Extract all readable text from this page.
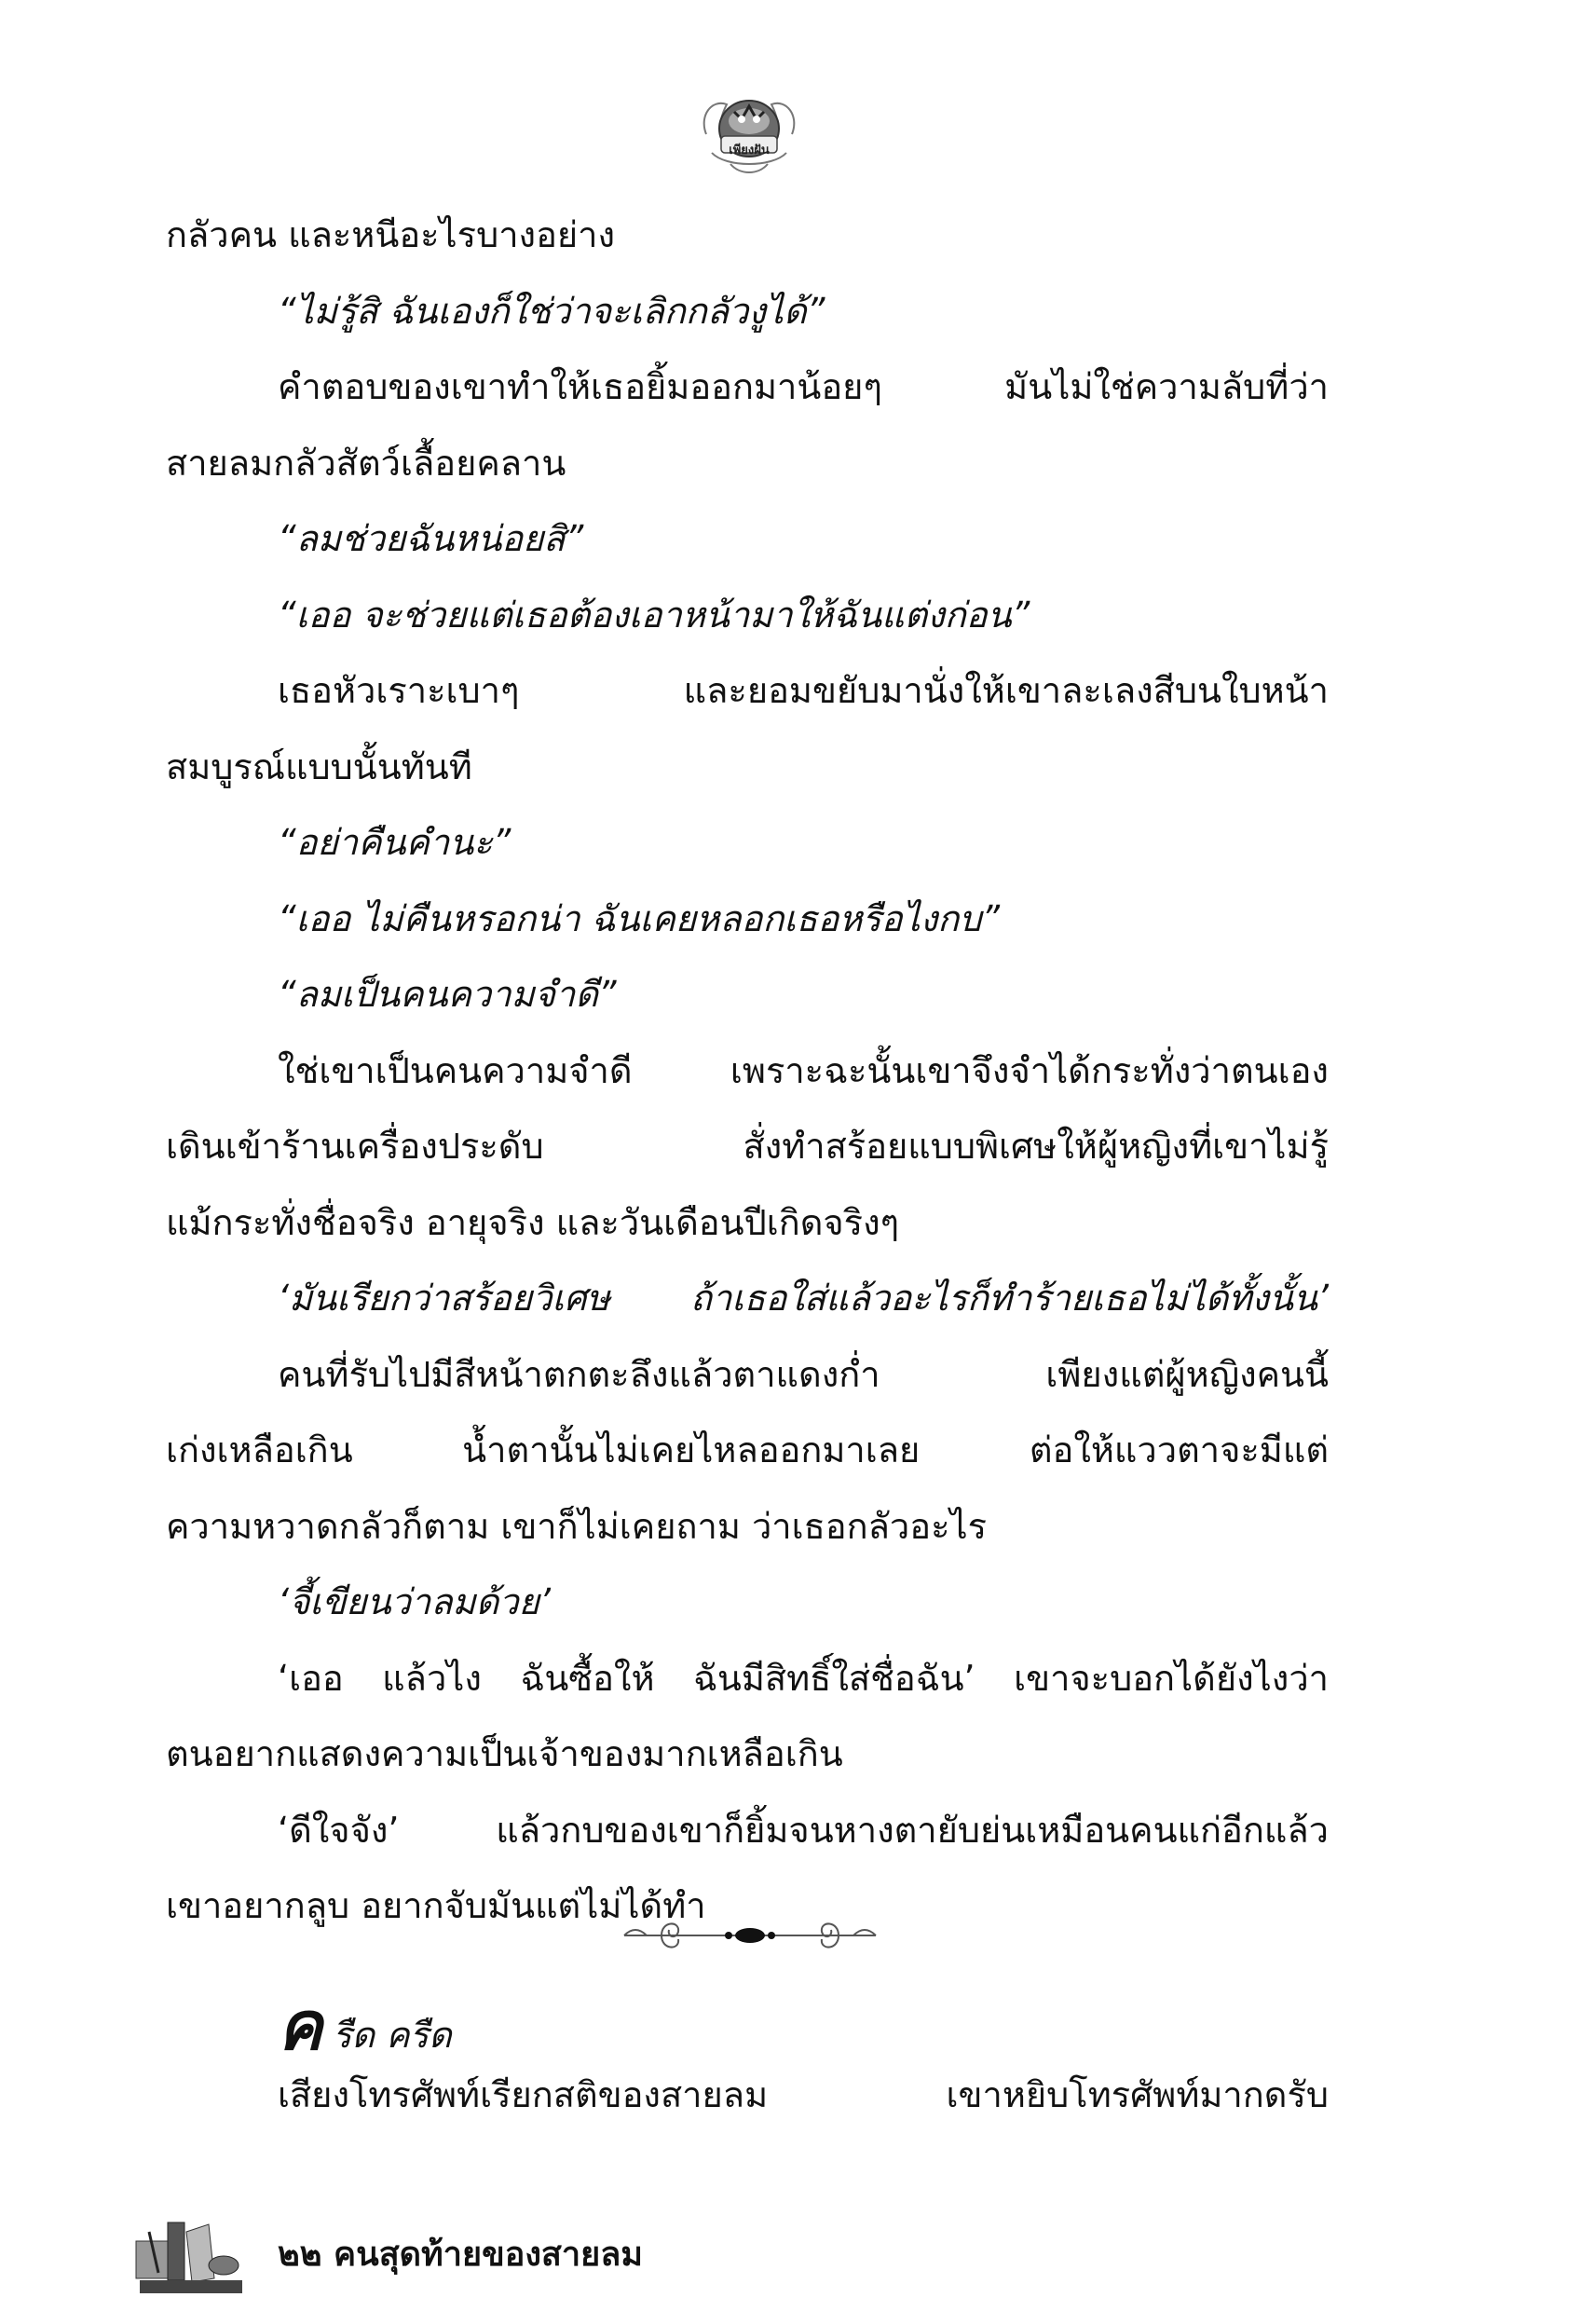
เพียงฝัน
กลัวคน และหนีอะไรบางอย่าง
“ไม่รู้สิ ฉันเองก็ใช่ว่าจะเลิกกลัวงูได้”
คำตอบของเขาทำให้เธอยิ้มออกมาน้อยๆ มันไม่ใช่ความลับที่ว่า
สายลมกลัวสัตว์เลื้อยคลาน
“ลมช่วยฉันหน่อยสิ”
“เออ จะช่วยแต่เธอต้องเอาหน้ามาให้ฉันแต่งก่อน”
เธอหัวเราะเบาๆ และยอมขยับมานั่งให้เขาละเลงสีบนใบหน้า
สมบูรณ์แบบนั้นทันที
“อย่าคืนคำนะ”
“เออ ไม่คืนหรอกน่า ฉันเคยหลอกเธอหรือไงกบ”
“ลมเป็นคนความจำดี”
ใช่เขาเป็นคนความจำดี เพราะฉะนั้นเขาจึงจำได้กระทั่งว่าตนเอง
เดินเข้าร้านเครื่องประดับ สั่งทำสร้อยแบบพิเศษให้ผู้หญิงที่เขาไม่รู้
แม้กระทั่งชื่อจริง อายุจริง และวันเดือนปีเกิดจริงๆ
‘มันเรียกว่าสร้อยวิเศษ ถ้าเธอใส่แล้วอะไรก็ทำร้ายเธอไม่ได้ทั้งนั้น’
คนที่รับไปมีสีหน้าตกตะลึงแล้วตาแดงก่ำ เพียงแต่ผู้หญิงคนนี้
เก่งเหลือเกิน น้ำตานั้นไม่เคยไหลออกมาเลย ต่อให้แววตาจะมีแต่
ความหวาดกลัวก็ตาม เขาก็ไม่เคยถาม ว่าเธอกลัวอะไร
‘จี้เขียนว่าลมด้วย’
‘เออ แล้วไง ฉันซื้อให้ ฉันมีสิทธิ์ใส่ชื่อฉัน’ เขาจะบอกได้ยังไงว่า
ตนอยากแสดงความเป็นเจ้าของมากเหลือเกิน
‘ดีใจจัง’ แล้วกบของเขาก็ยิ้มจนหางตายับย่นเหมือนคนแก่อีกแล้ว
เขาอยากลูบ อยากจับมันแต่ไม่ได้ทำ
ค รืด ครืด
เสียงโทรศัพท์เรียกสติของสายลม เขาหยิบโทรศัพท์มากดรับ
๒๒ คนสุดท้ายของสายลม
